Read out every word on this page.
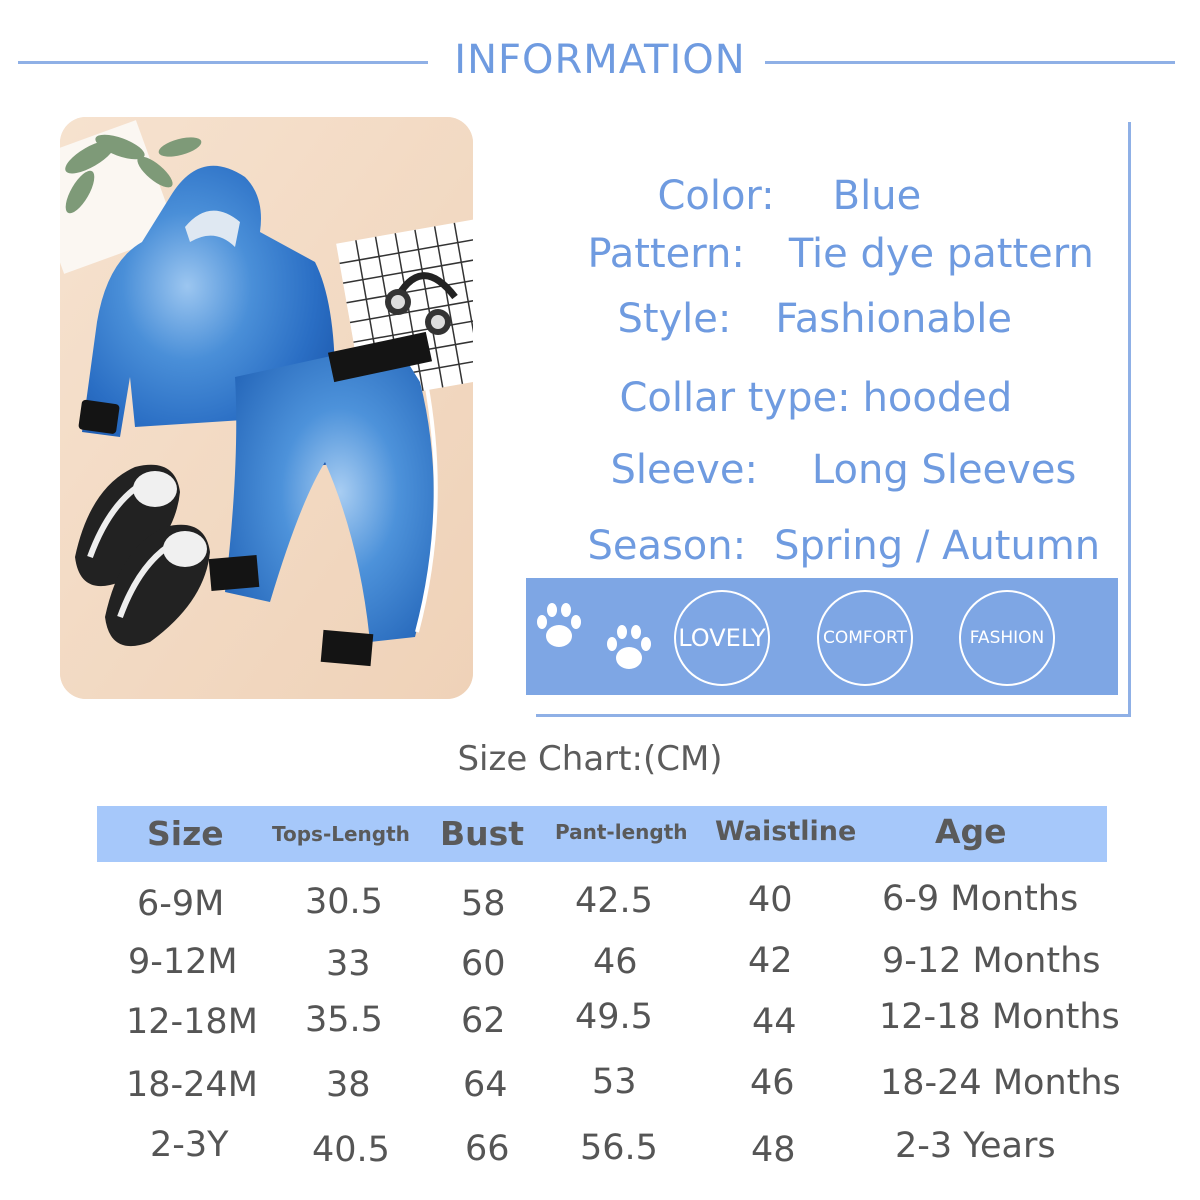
INFORMATION

Color: Blue

Pattern: Tie dye pattern

Style: Fashionable

Collar type: hooded

Sleeve: Long Sleeves

Season: Spring / Autumn

LOVELY	COMFORT	FASHION
Size Chart:(CM)
Size Tops-Length Bust Pant-length Waistline Age
6-9M 30.5 58 42.5	40	6-9 Months
9-12M	33	60 46	42	9-12 Months
12-18M 35.5 62 49.5	44 12-18 Months
18-24M 38	64 53	46 18-24 Months
2-3Y 40.5 66 56.5	48	2-3 Years
